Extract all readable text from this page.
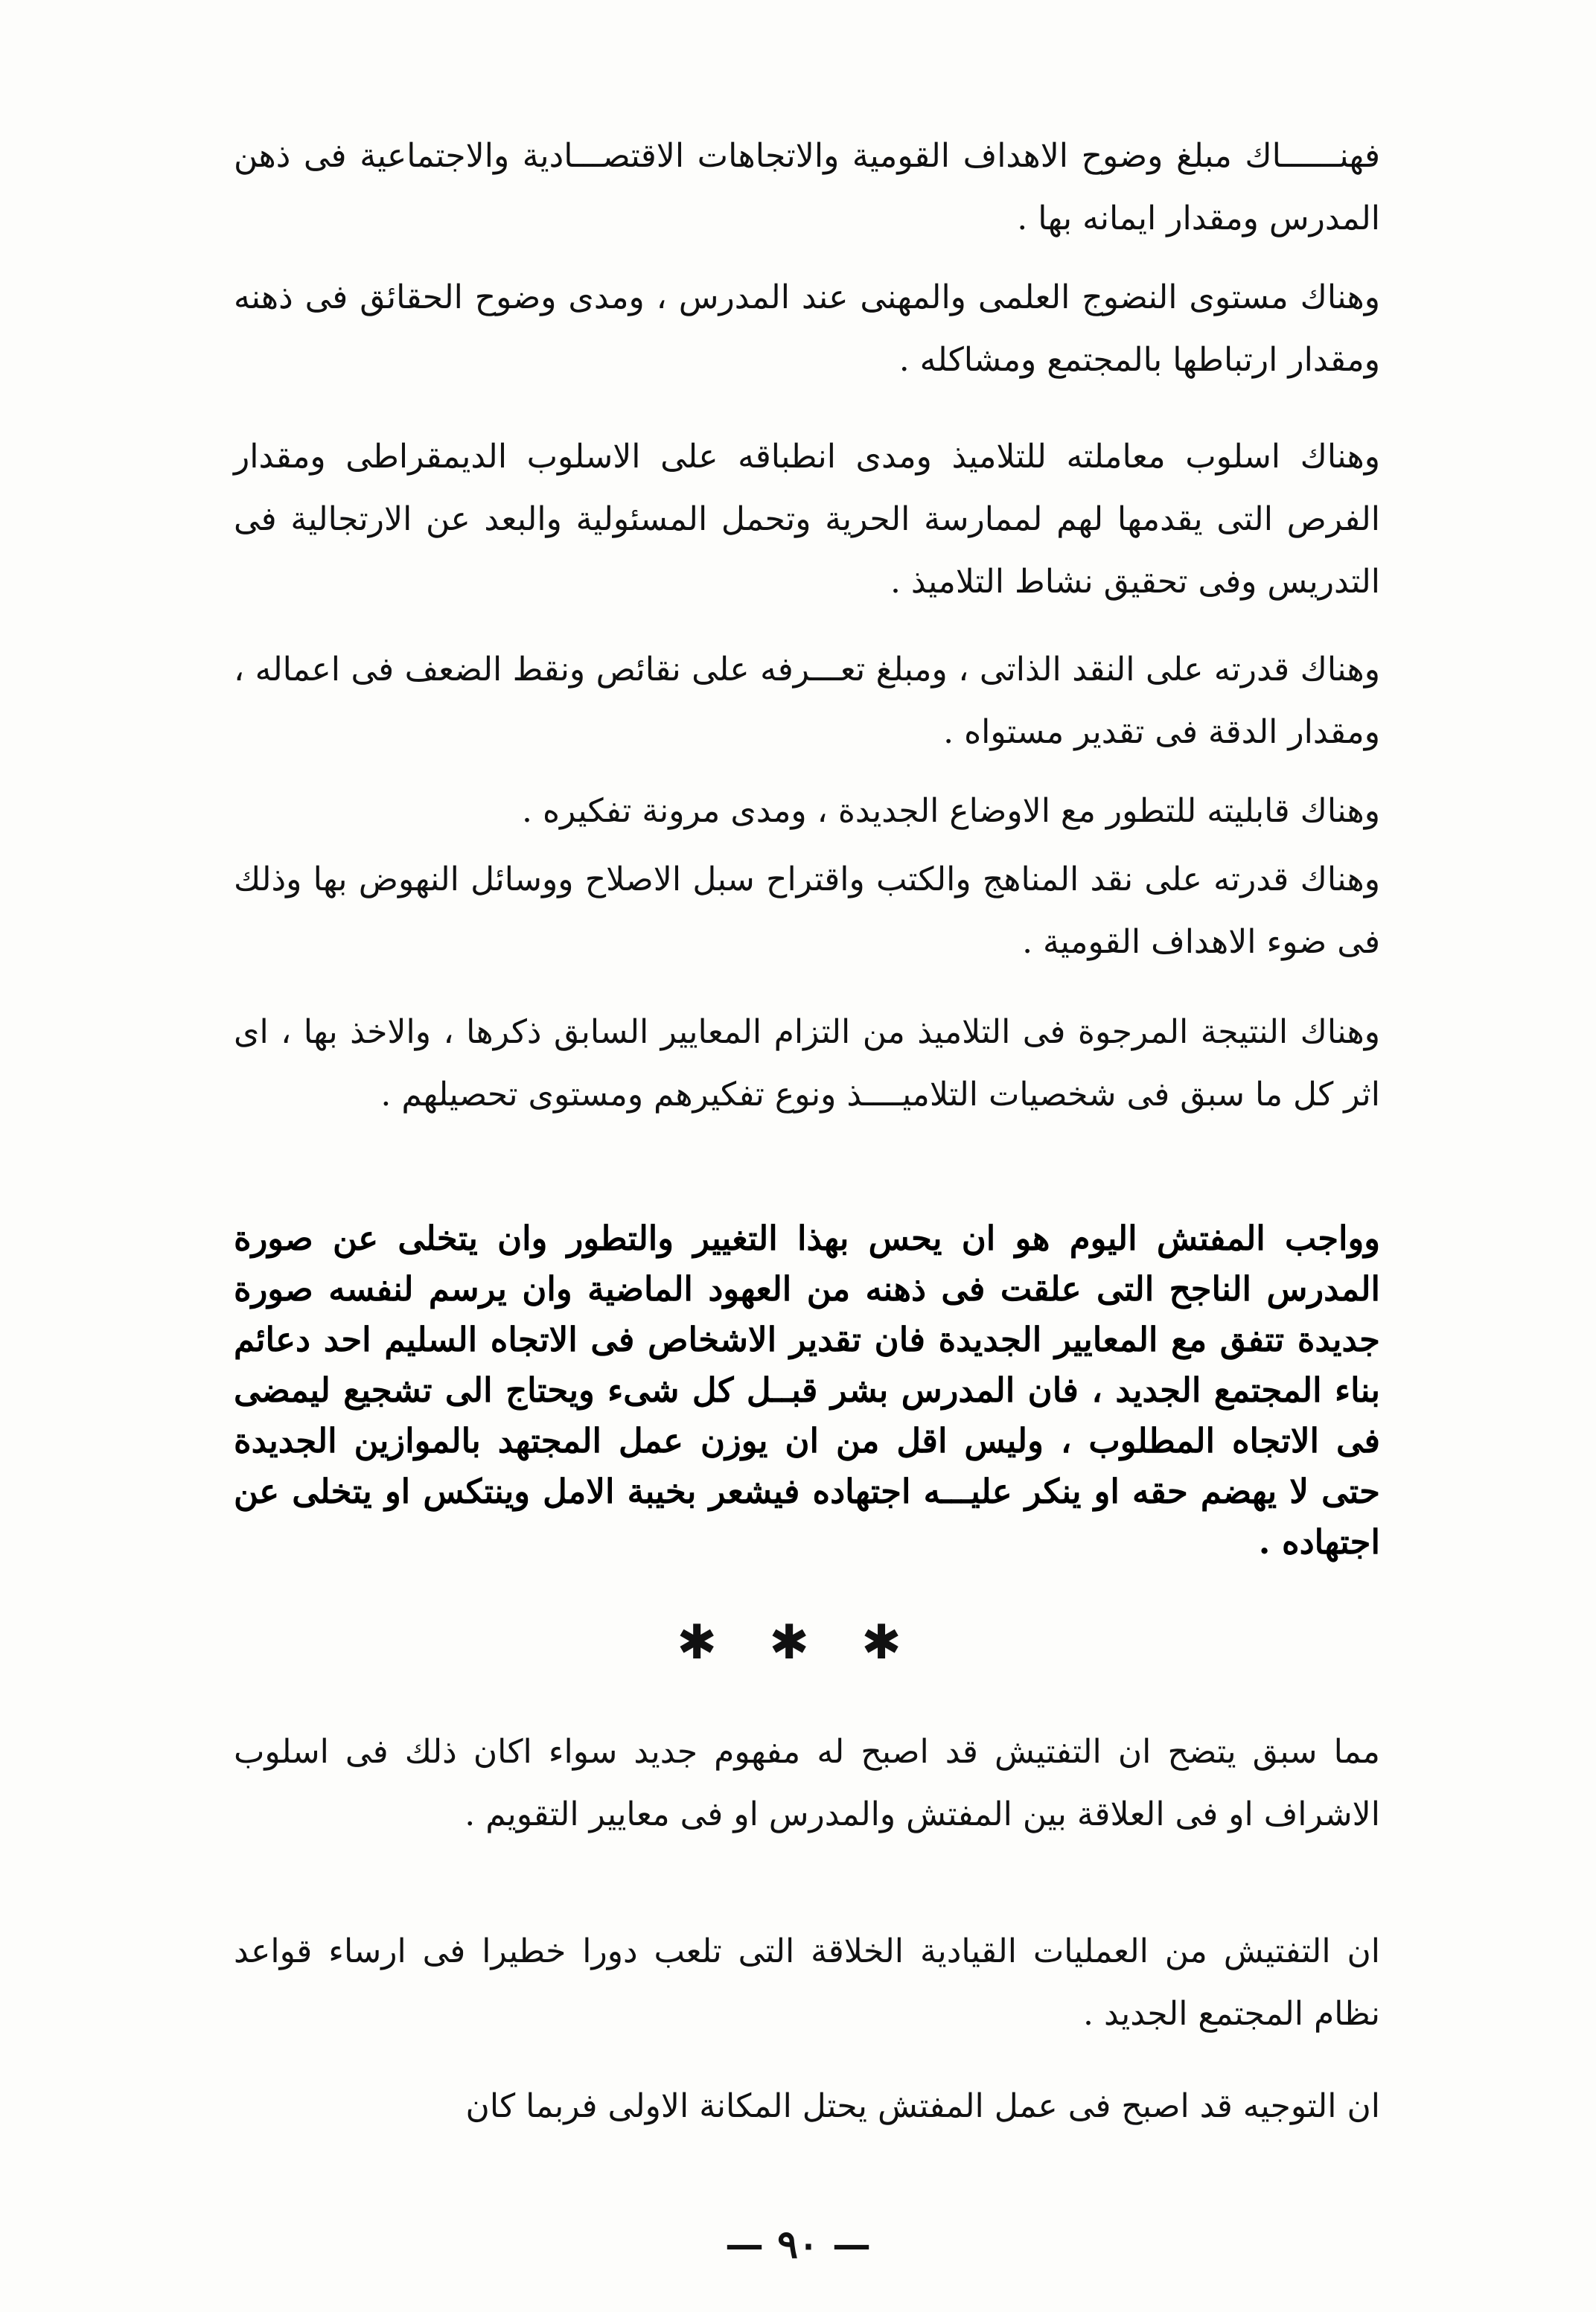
فهنــــــاك مبلغ وضوح الاهداف القومية والاتجاهات الاقتصـــادية والاجتماعية فى ذهن المدرس ومقدار ايمانه بها .

وهناك مستوى النضوج العلمى والمهنى عند المدرس ، ومدى وضوح الحقائق فى ذهنه ومقدار ارتباطها بالمجتمع ومشاكله .

وهناك اسلوب معاملته للتلاميذ ومدى انطباقه على الاسلوب الديمقراطى ومقدار الفرص التى يقدمها لهم لممارسة الحرية وتحمل المسئولية والبعد عن الارتجالية فى التدريس وفى تحقيق نشاط التلاميذ .

وهناك قدرته على النقد الذاتى ، ومبلغ تعـــرفه على نقائص ونقط الضعف فى اعماله ، ومقدار الدقة فى تقدير مستواه .

وهناك قابليته للتطور مع الاوضاع الجديدة ، ومدى مرونة تفكيره .

وهناك قدرته على نقد المناهج والكتب واقتراح سبل الاصلاح ووسائل النهوض بها وذلك فى ضوء الاهداف القومية .

وهناك النتيجة المرجوة فى التلاميذ من التزام المعايير السابق ذكرها ، والاخذ بها ، اى اثر كل ما سبق فى شخصيات التلاميــــذ ونوع تفكيرهم ومستوى تحصيلهم .

وواجب المفتش اليوم هو ان يحس بهذا التغيير والتطور وان يتخلى عن صورة المدرس الناجح التى علقت فى ذهنه من العهود الماضية وان يرسم لنفسه صورة جديدة تتفق مع المعايير الجديدة فان تقدير الاشخاص فى الاتجاه السليم احد دعائم بناء المجتمع الجديد ، فان المدرس بشر قبــل كل شىء ويحتاج الى تشجيع ليمضى فى الاتجاه المطلوب ، وليس اقل من ان يوزن عمل المجتهد بالموازين الجديدة حتى لا يهضم حقه او ينكر عليـــه اجتهاده فيشعر بخيبة الامل وينتكس او يتخلى عن اجتهاده .

✱ ✱ ✱

مما سبق يتضح ان التفتيش قد اصبح له مفهوم جديد سواء اكان ذلك فى اسلوب الاشراف او فى العلاقة بين المفتش والمدرس او فى معايير التقويم .

ان التفتيش من العمليات القيادية الخلاقة التى تلعب دورا خطيرا فى ارساء قواعد نظام المجتمع الجديد .

ان التوجيه قد اصبح فى عمل المفتش يحتل المكانة الاولى فربما كان

— ٩٠ —
